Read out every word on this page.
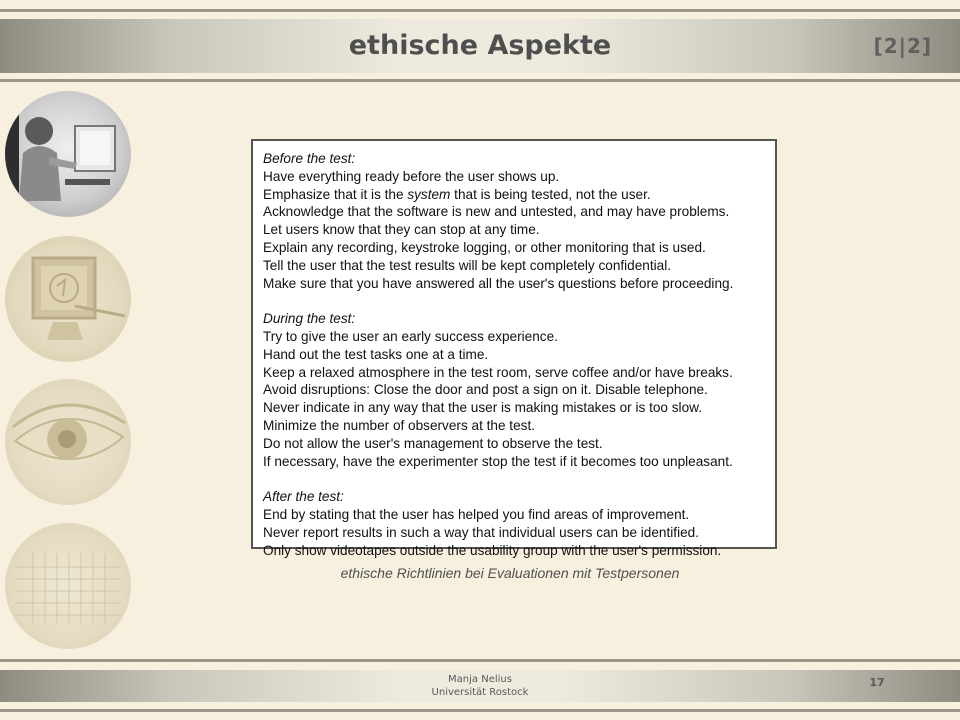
ethische Aspekte	[2|2]
Before the test:
Have everything ready before the user shows up.
Emphasize that it is the system that is being tested, not the user.
Acknowledge that the software is new and untested, and may have problems.
Let users know that they can stop at any time.
Explain any recording, keystroke logging, or other monitoring that is used.
Tell the user that the test results will be kept completely confidential.
Make sure that you have answered all the user's questions before proceeding.
During the test:
Try to give the user an early success experience.
Hand out the test tasks one at a time.
Keep a relaxed atmosphere in the test room, serve coffee and/or have breaks.
Avoid disruptions: Close the door and post a sign on it. Disable telephone.
Never indicate in any way that the user is making mistakes or is too slow.
Minimize the number of observers at the test.
Do not allow the user's management to observe the test.
If necessary, have the experimenter stop the test if it becomes too unpleasant.
After the test:
End by stating that the user has helped you find areas of improvement.
Never report results in such a way that individual users can be identified.
Only show videotapes outside the usability group with the user's permission.
ethische Richtlinien bei Evaluationen mit Testpersonen
Manja Nelius
Universität Rostock
17
